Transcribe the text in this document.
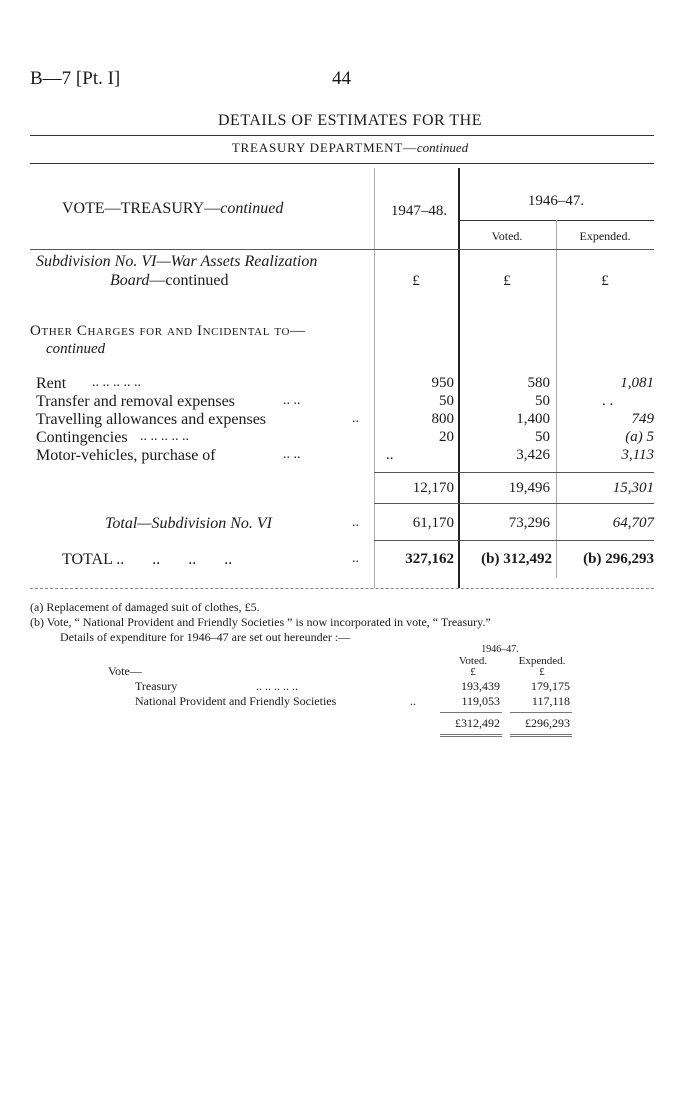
B—7 [Pt. I]	44
DETAILS OF ESTIMATES FOR THE
TREASURY DEPARTMENT—continued
VOTE—TREASURY—continued	1947–48.
1946–47.
Voted.	Expended.
Subdivision No. VI—War Assets Realization
Board—continued	£	£	£
Other Charges for and Incidental to—
continued
Rent .. .. .. .. ..	950	580	1,081
Transfer and removal expenses	.. ..	50	50	. .
Travelling allowances and expenses	..	800	1,400	749
Contingencies .. .. .. .. ..	20	50	(a) 5
Motor-vehicles, purchase of	.. ..	..	3,426	3,113
12,170	19,496	15,301
Total—Subdivision No. VI	..	61,170	73,296	64,707
TOTAL ..       ..       ..       ..	..	327,162	(b) 312,492	(b) 296,293
(a) Replacement of damaged suit of clothes, £5.
(b) Vote, “ National Provident and Friendly Societies ” is now incorporated in vote, “ Treasury.”
Details of expenditure for 1946–47 are set out hereunder :—
1946–47.
Voted.	Expended.
£	£
Vote—
Treasury	.. .. .. .. ..	193,439	179,175
National Provident and Friendly Societies	..	119,053	117,118
£312,492	£296,293
